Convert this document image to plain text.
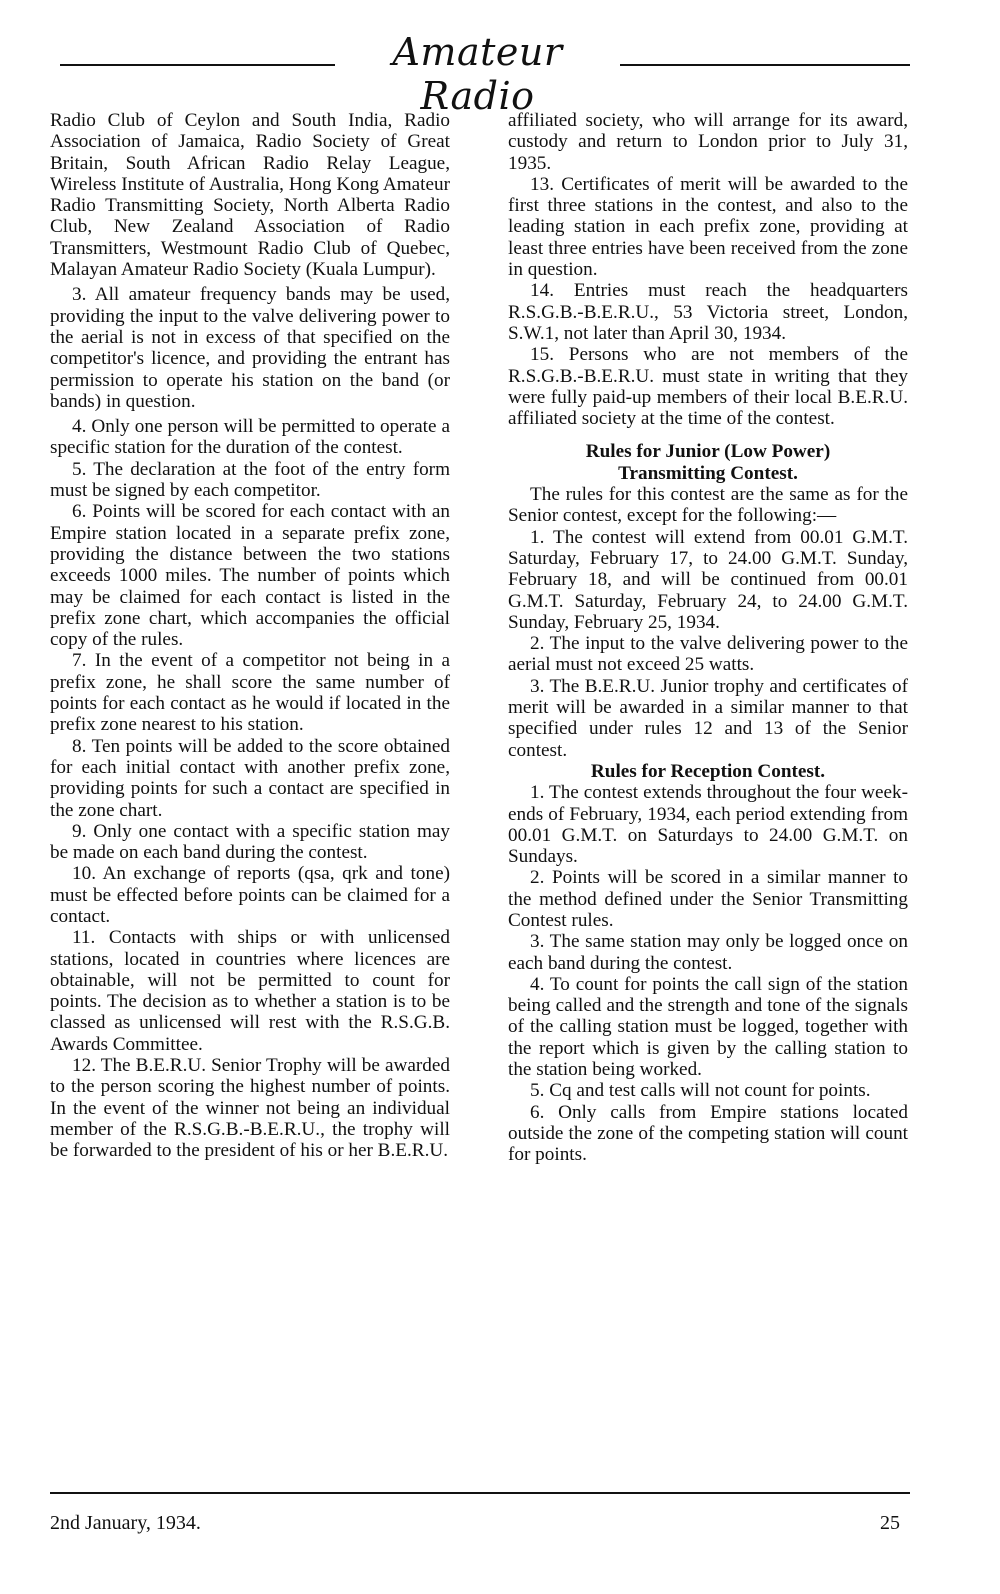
Amateur Radio

Radio Club of Ceylon and South India, Radio Association of Jamaica, Radio Society of Great Britain, South African Radio Relay League, Wireless Institute of Australia, Hong Kong Amateur Radio Transmitting Society, North Alberta Radio Club, New Zealand Association of Radio Transmitters, Westmount Radio Club of Quebec, Malayan Amateur Radio Society (Kuala Lumpur).

3. All amateur frequency bands may be used, providing the input to the valve delivering power to the aerial is not in excess of that specified on the competitor's licence, and providing the entrant has permission to operate his station on the band (or bands) in question.

4. Only one person will be permitted to operate a specific station for the duration of the contest.

5. The declaration at the foot of the entry form must be signed by each competitor.

6. Points will be scored for each contact with an Empire station located in a separate prefix zone, providing the distance between the two stations exceeds 1000 miles. The number of points which may be claimed for each contact is listed in the prefix zone chart, which accompanies the official copy of the rules.

7. In the event of a competitor not being in a prefix zone, he shall score the same number of points for each contact as he would if located in the prefix zone nearest to his station.

8. Ten points will be added to the score obtained for each initial contact with another prefix zone, providing points for such a contact are specified in the zone chart.

9. Only one contact with a specific station may be made on each band during the contest.

10. An exchange of reports (qsa, qrk and tone) must be effected before points can be claimed for a contact.

11. Contacts with ships or with unlicensed stations, located in countries where licences are obtainable, will not be permitted to count for points. The decision as to whether a station is to be classed as unlicensed will rest with the R.S.G.B. Awards Committee.

12. The B.E.R.U. Senior Trophy will be awarded to the person scoring the highest number of points. In the event of the winner not being an individual member of the R.S.G.B.-B.E.R.U., the trophy will be forwarded to the president of his or her B.E.R.U.

affiliated society, who will arrange for its award, custody and return to London prior to July 31, 1935.

13. Certificates of merit will be awarded to the first three stations in the contest, and also to the leading station in each prefix zone, providing at least three entries have been received from the zone in question.

14. Entries must reach the headquarters R.S.G.B.-B.E.R.U., 53 Victoria street, London, S.W.1, not later than April 30, 1934.

15. Persons who are not members of the R.S.G.B.-B.E.R.U. must state in writing that they were fully paid-up members of their local B.E.R.U. affiliated society at the time of the contest.

Rules for Junior (Low Power)

Transmitting Contest.

The rules for this contest are the same as for the Senior contest, except for the following:—

1. The contest will extend from 00.01 G.M.T. Saturday, February 17, to 24.00 G.M.T. Sunday, February 18, and will be continued from 00.01 G.M.T. Saturday, February 24, to 24.00 G.M.T. Sunday, February 25, 1934.

2. The input to the valve delivering power to the aerial must not exceed 25 watts.

3. The B.E.R.U. Junior trophy and certificates of merit will be awarded in a similar manner to that specified under rules 12 and 13 of the Senior contest.

Rules for Reception Contest.

1. The contest extends throughout the four week-ends of February, 1934, each period extending from 00.01 G.M.T. on Saturdays to 24.00 G.M.T. on Sundays.

2. Points will be scored in a similar manner to the method defined under the Senior Transmitting Contest rules.

3. The same station may only be logged once on each band during the contest.

4. To count for points the call sign of the station being called and the strength and tone of the signals of the calling station must be logged, together with the report which is given by the calling station to the station being worked.

5. Cq and test calls will not count for points.

6. Only calls from Empire stations located outside the zone of the competing station will count for points.

2nd January, 1934.	25
